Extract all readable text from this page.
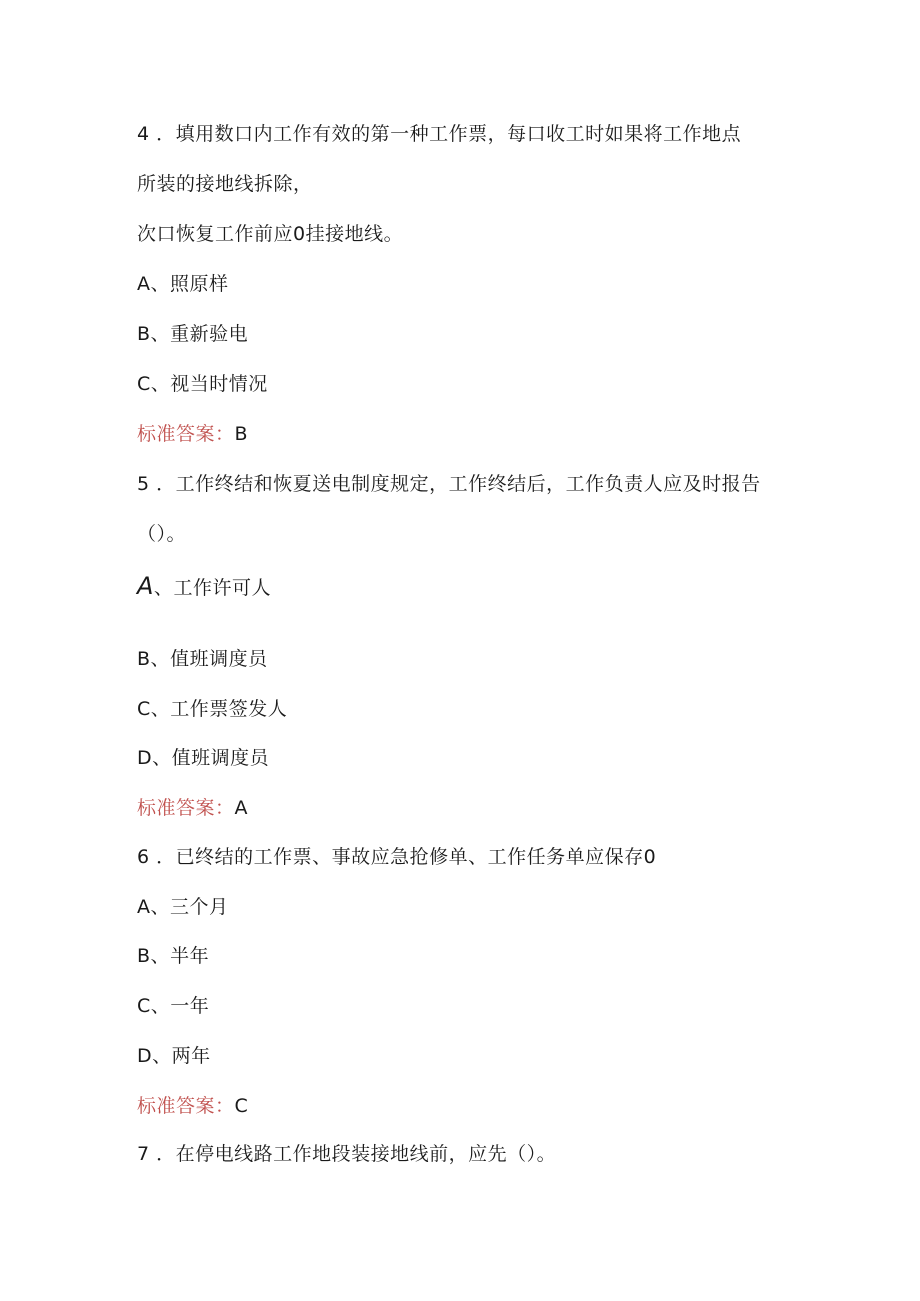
4 ．填用数口内工作有效的第一种工作票，每口收工时如果将工作地点
所装的接地线拆除，
次口恢复工作前应0挂接地线。
A、照原样
B、重新验电
C、视当时情况
标准答案：B
5 ．工作终结和恢夏送电制度规定，工作终结后，工作负责人应及时报告
（）。
A、工作许可人
B、值班调度员
C、工作票签发人
D、值班调度员
标准答案：A
6 ．已终结的工作票、事故应急抢修单、工作任务单应保存0
A、三个月
B、半年
C、一年
D、两年
标准答案：C
7 ．在停电线路工作地段装接地线前，应先（）。
